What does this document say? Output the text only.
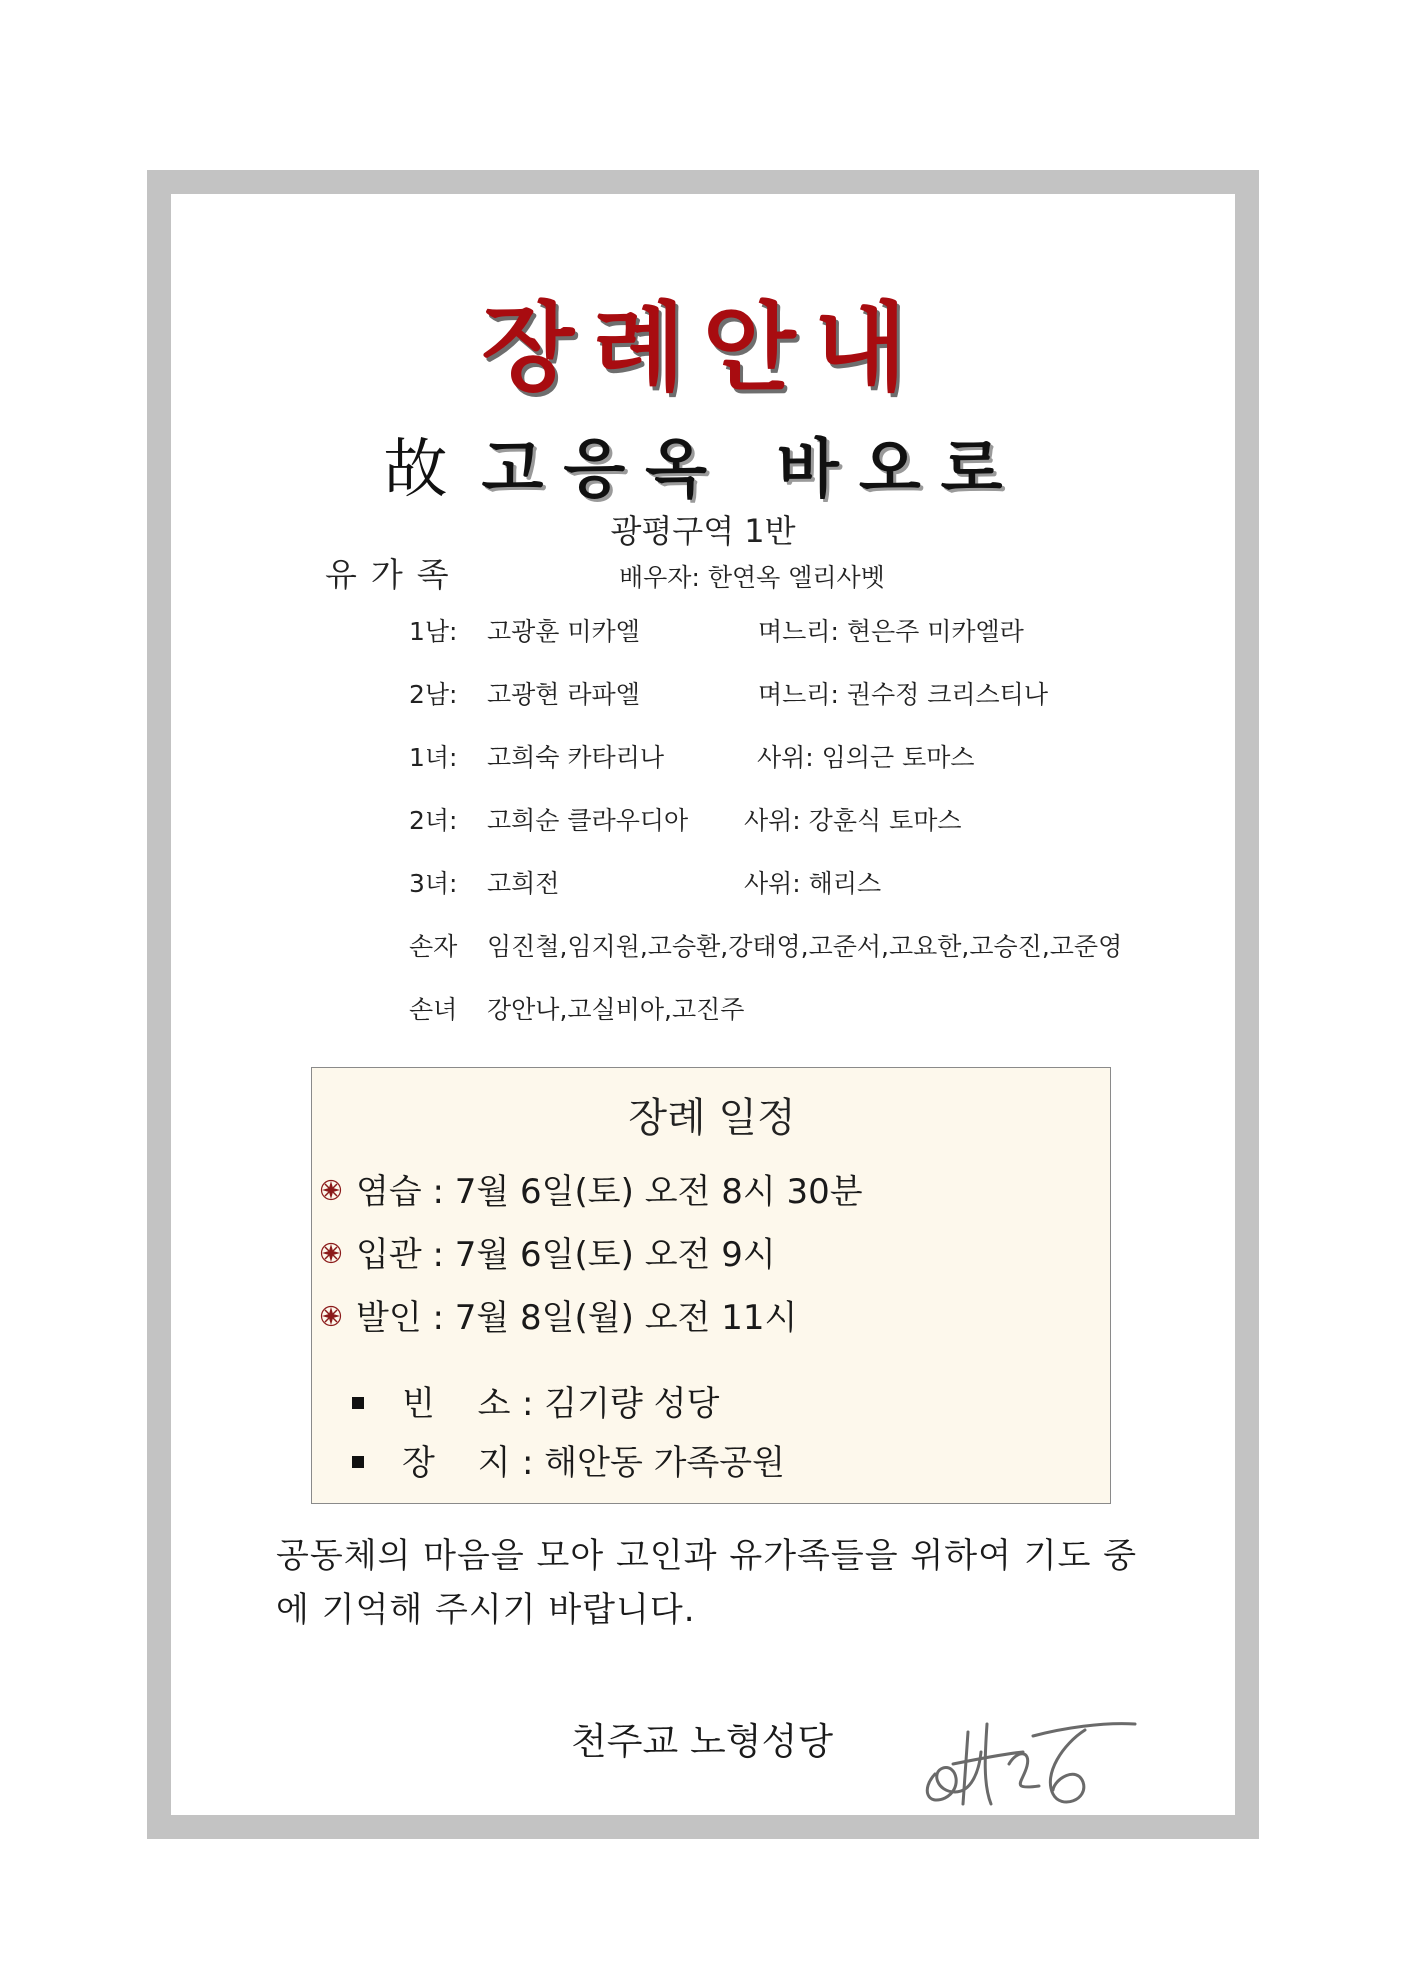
장례안내
故 고응옥 바오로
광평구역 1반
유가족	배우자: 한연옥 엘리사벳
1남: 고광훈 미카엘	며느리: 현은주 미카엘라
2남: 고광현 라파엘	며느리: 권수정 크리스티나
1녀: 고희숙 카타리나	사위: 임의근 토마스
2녀: 고희순 클라우디아 사위: 강훈식 토마스
3녀: 고희전	사위: 해리스
손자 임진철,임지원,고승환,강태영,고준서,고요한,고승진,고준영
손녀 강안나,고실비아,고진주
장례 일정
염습 : 7월 6일(토) 오전 8시 30분
입관 : 7월 6일(토) 오전 9시
발인 : 7월 8일(월) 오전 11시
빈 소: 김기량 성당
장 지: 해안동 가족공원
공동체의 마음을 모아 고인과 유가족들을 위하여 기도 중에 기억해 주시기 바랍니다.
천주교 노형성당
